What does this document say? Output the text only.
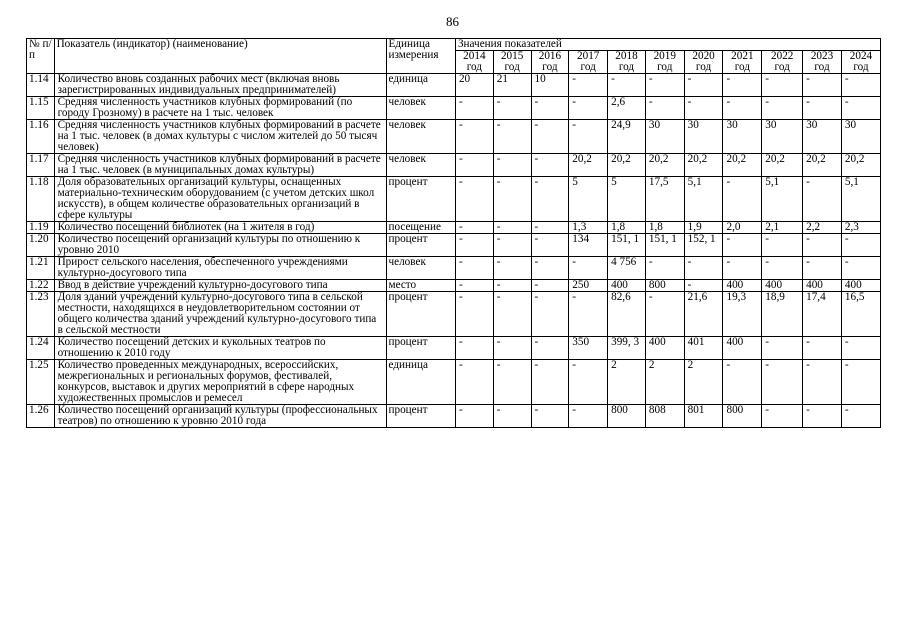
86
№ п/п	Показатель (индикатор) (наименование)	Единица измерения	Значения показателей										
			2014 год	2015 год	2016 год	2017 год	2018 год	2019 год	2020 год	2021 год	2022 год	2023 год	2024 год
1.14	Количество вновь созданных рабочих мест (включая вновь зарегистрированных индивидуальных предпринимателей)	единица	20	21	10	-	-	-	-	-	-	-	-
1.15	Средняя численность участников клубных формирований (по городу Грозному) в расчете на 1 тыс. человек	человек	-	-	-	-	2,6	-	-	-	-	-	-
1.16	Средняя численность участников клубных формирований в расчете на 1 тыс. человек (в домах культуры с числом жителей до 50 тысяч человек)	человек	-	-	-	-	24,9	30	30	30	30	30	30
1.17	Средняя численность участников клубных формирований в расчете на 1 тыс. человек (в муниципальных домах культуры)	человек	-	-	-	20,2	20,2	20,2	20,2	20,2	20,2	20,2	20,2
1.18	Доля образовательных организаций культуры, оснащенных материально-техническим оборудованием (с учетом детских школ искусств), в общем количестве образовательных организаций в сфере культуры	процент	-	-	-	5	5	17,5	5,1	-	5,1	-	5,1
1.19	Количество посещений библиотек (на 1 жителя в год)	посещение	-	-	-	1,3	1,8	1,8	1,9	2,0	2,1	2,2	2,3
1.20	Количество посещений организаций культуры по отношению к уровню 2010	процент	-	-	-	134	151, 1	151, 1	152, 1	-	-	-	-
1.21	Прирост сельского населения, обеспеченного учреждениями культурно-досугового типа	человек	-	-	-	-	4 756	-	-	-	-	-	-
1.22	Ввод в действие учреждений культурно-досугового типа	место	-	-	-	250	400	800	-	400	400	400	400
1.23	Доля зданий учреждений культурно-досугового типа в сельской местности, находящихся в неудовлетворительном состоянии от общего количества зданий учреждений культурно-досугового типа в сельской местности	процент	-	-	-	-	82,6	-	21,6	19,3	18,9	17,4	16,5
1.24	Количество посещений детских и кукольных театров по отношению к 2010 году	процент	-	-	-	350	399, 3	400	401	400	-	-	-
1.25	Количество проведенных международных, всероссийских, межрегиональных и региональных форумов, фестивалей, конкурсов, выставок и других мероприятий в сфере народных художественных промыслов и ремесел	единица	-	-	-	-	2	2	2	-	-	-	-
1.26	Количество посещений организаций культуры (профессиональных театров) по отношению к уровню 2010 года	процент	-	-	-	-	800	808	801	800	-	-	-
